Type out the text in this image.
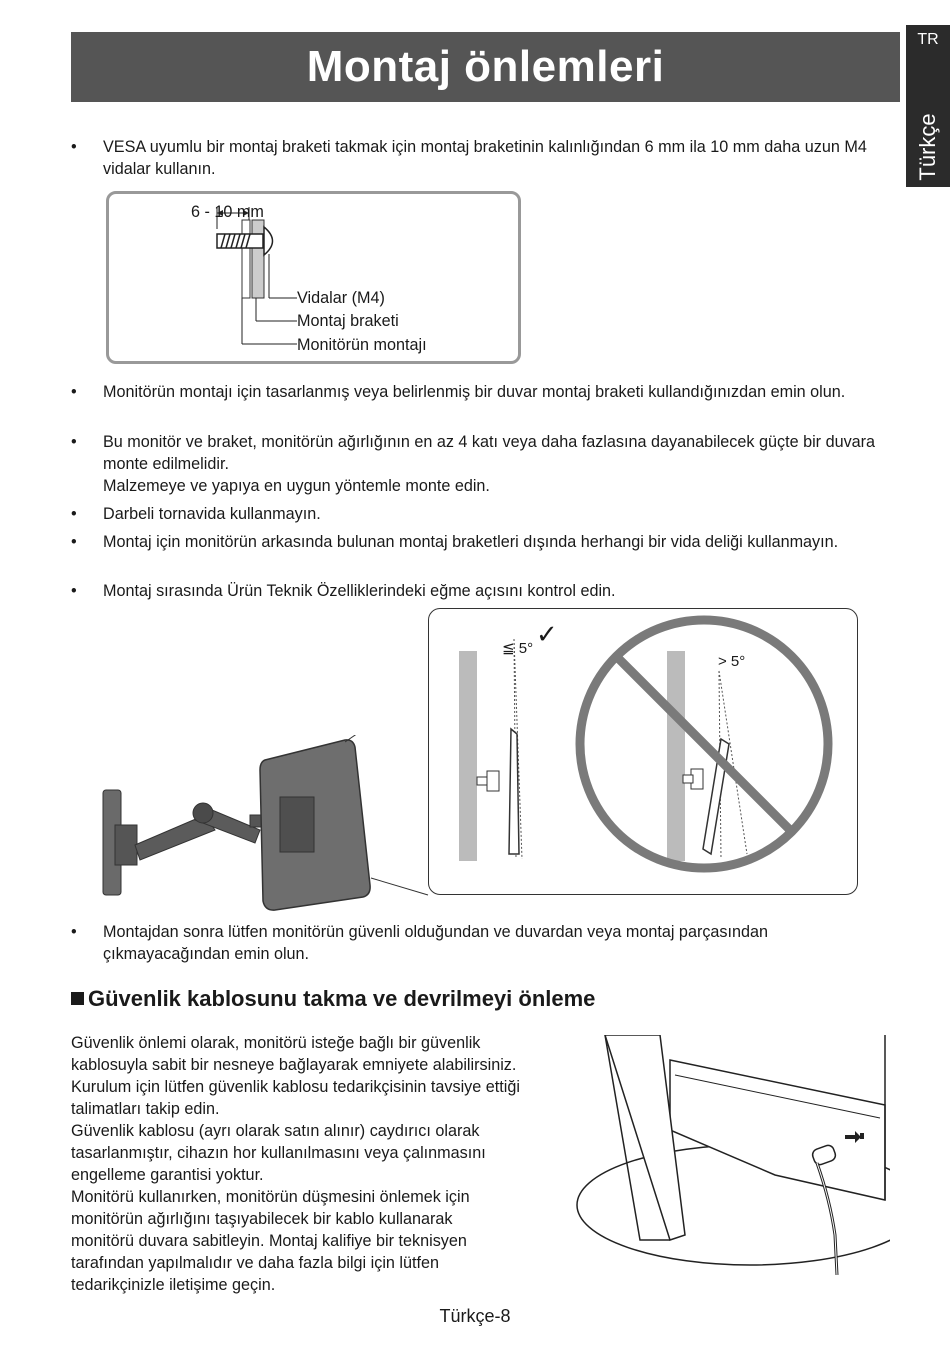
Montaj önlemleri
TR
Türkçe
• VESA uyumlu bir montaj braketi takmak için montaj braketinin kalınlığından 6 mm ila 10 mm daha uzun M4 vidalar kullanın.
6 - 10 mm
Vidalar (M4)
Montaj braketi
Monitörün montajı
• Monitörün montajı için tasarlanmış veya belirlenmiş bir duvar montaj braketi kullandığınızdan emin olun.
• Bu monitör ve braket, monitörün ağırlığının en az 4 katı veya daha fazlasına dayanabilecek güçte bir duvara monte edilmelidir.
Malzemeye ve yapıya en uygun yöntemle monte edin.
• Darbeli tornavida kullanmayın.
• Montaj için monitörün arkasında bulunan montaj braketleri dışında herhangi bir vida deliği kullanmayın.
• Montaj sırasında Ürün Teknik Özelliklerindeki eğme açısını kontrol edin.
≦ 5° ✓
> 5°
• Montajdan sonra lütfen monitörün güvenli olduğundan ve duvardan veya montaj parçasından çıkmayacağından emin olun.
Güvenlik kablosunu takma ve devrilmeyi önleme
Güvenlik önlemi olarak, monitörü isteğe bağlı bir güvenlik
kablosuyla sabit bir nesneye bağlayarak emniyete alabilirsiniz.
Kurulum için lütfen güvenlik kablosu tedarikçisinin tavsiye ettiği
talimatları takip edin.
Güvenlik kablosu (ayrı olarak satın alınır) caydırıcı olarak
tasarlanmıştır, cihazın hor kullanılmasını veya çalınmasını
engelleme garantisi yoktur.
Monitörü kullanırken, monitörün düşmesini önlemek için
monitörün ağırlığını taşıyabilecek bir kablo kullanarak
monitörü duvara sabitleyin. Montaj kalifiye bir teknisyen
tarafından yapılmalıdır ve daha fazla bilgi için lütfen
tedarikçinizle iletişime geçin.
Türkçe-8
